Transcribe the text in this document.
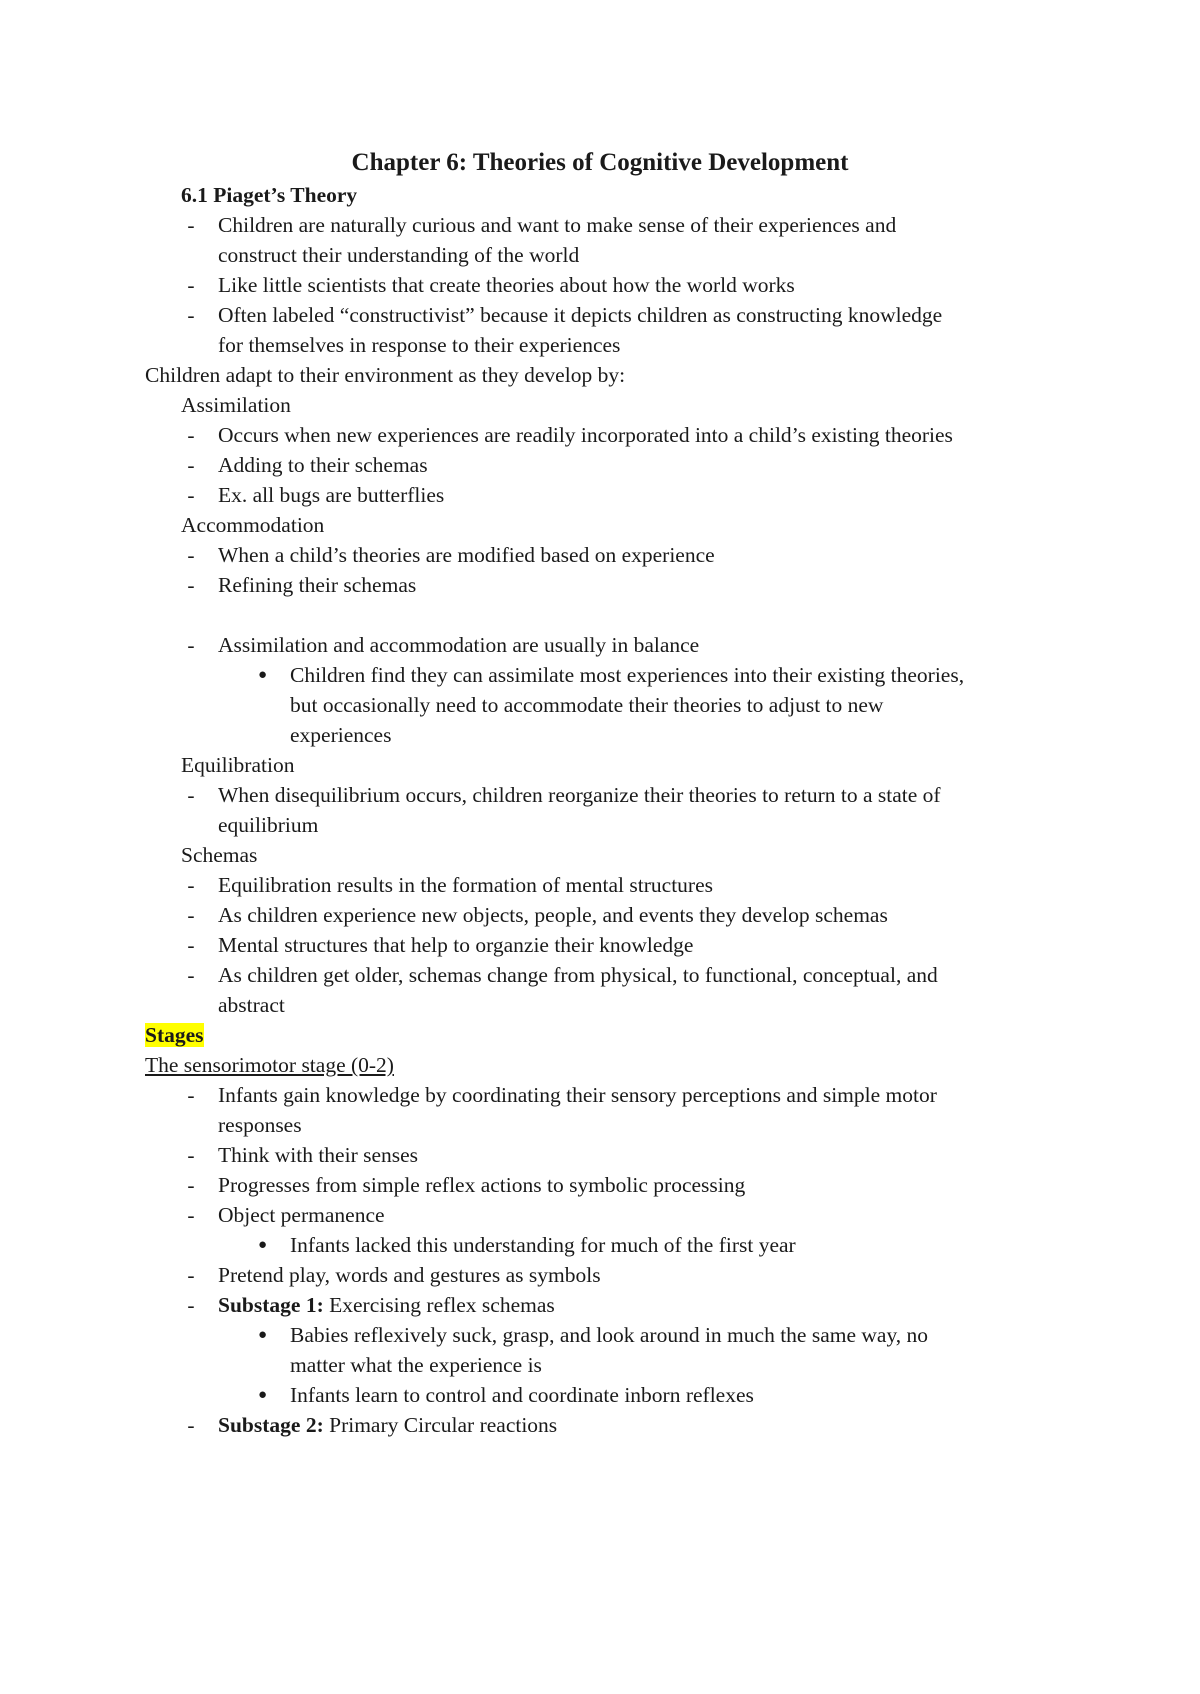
Chapter 6: Theories of Cognitive Development
6.1 Piaget’s Theory
- Children are naturally curious and want to make sense of their experiences and
construct their understanding of the world
- Like little scientists that create theories about how the world works
- Often labeled “constructivist” because it depicts children as constructing knowledge
for themselves in response to their experiences
Children adapt to their environment as they develop by:
Assimilation
- Occurs when new experiences are readily incorporated into a child’s existing theories
- Adding to their schemas
- Ex. all bugs are butterflies
Accommodation
- When a child’s theories are modified based on experience
- Refining their schemas
- Assimilation and accommodation are usually in balance
● Children find they can assimilate most experiences into their existing theories,
but occasionally need to accommodate their theories to adjust to new
experiences
Equilibration
- When disequilibrium occurs, children reorganize their theories to return to a state of
equilibrium
Schemas
- Equilibration results in the formation of mental structures
- As children experience new objects, people, and events they develop schemas
- Mental structures that help to organzie their knowledge
- As children get older, schemas change from physical, to functional, conceptual, and
abstract
Stages
The sensorimotor stage (0-2)
- Infants gain knowledge by coordinating their sensory perceptions and simple motor
responses
- Think with their senses
- Progresses from simple reflex actions to symbolic processing
- Object permanence
● Infants lacked this understanding for much of the first year
- Pretend play, words and gestures as symbols
- Substage 1: Exercising reflex schemas
● Babies reflexively suck, grasp, and look around in much the same way, no
matter what the experience is
● Infants learn to control and coordinate inborn reflexes
- Substage 2: Primary Circular reactions
